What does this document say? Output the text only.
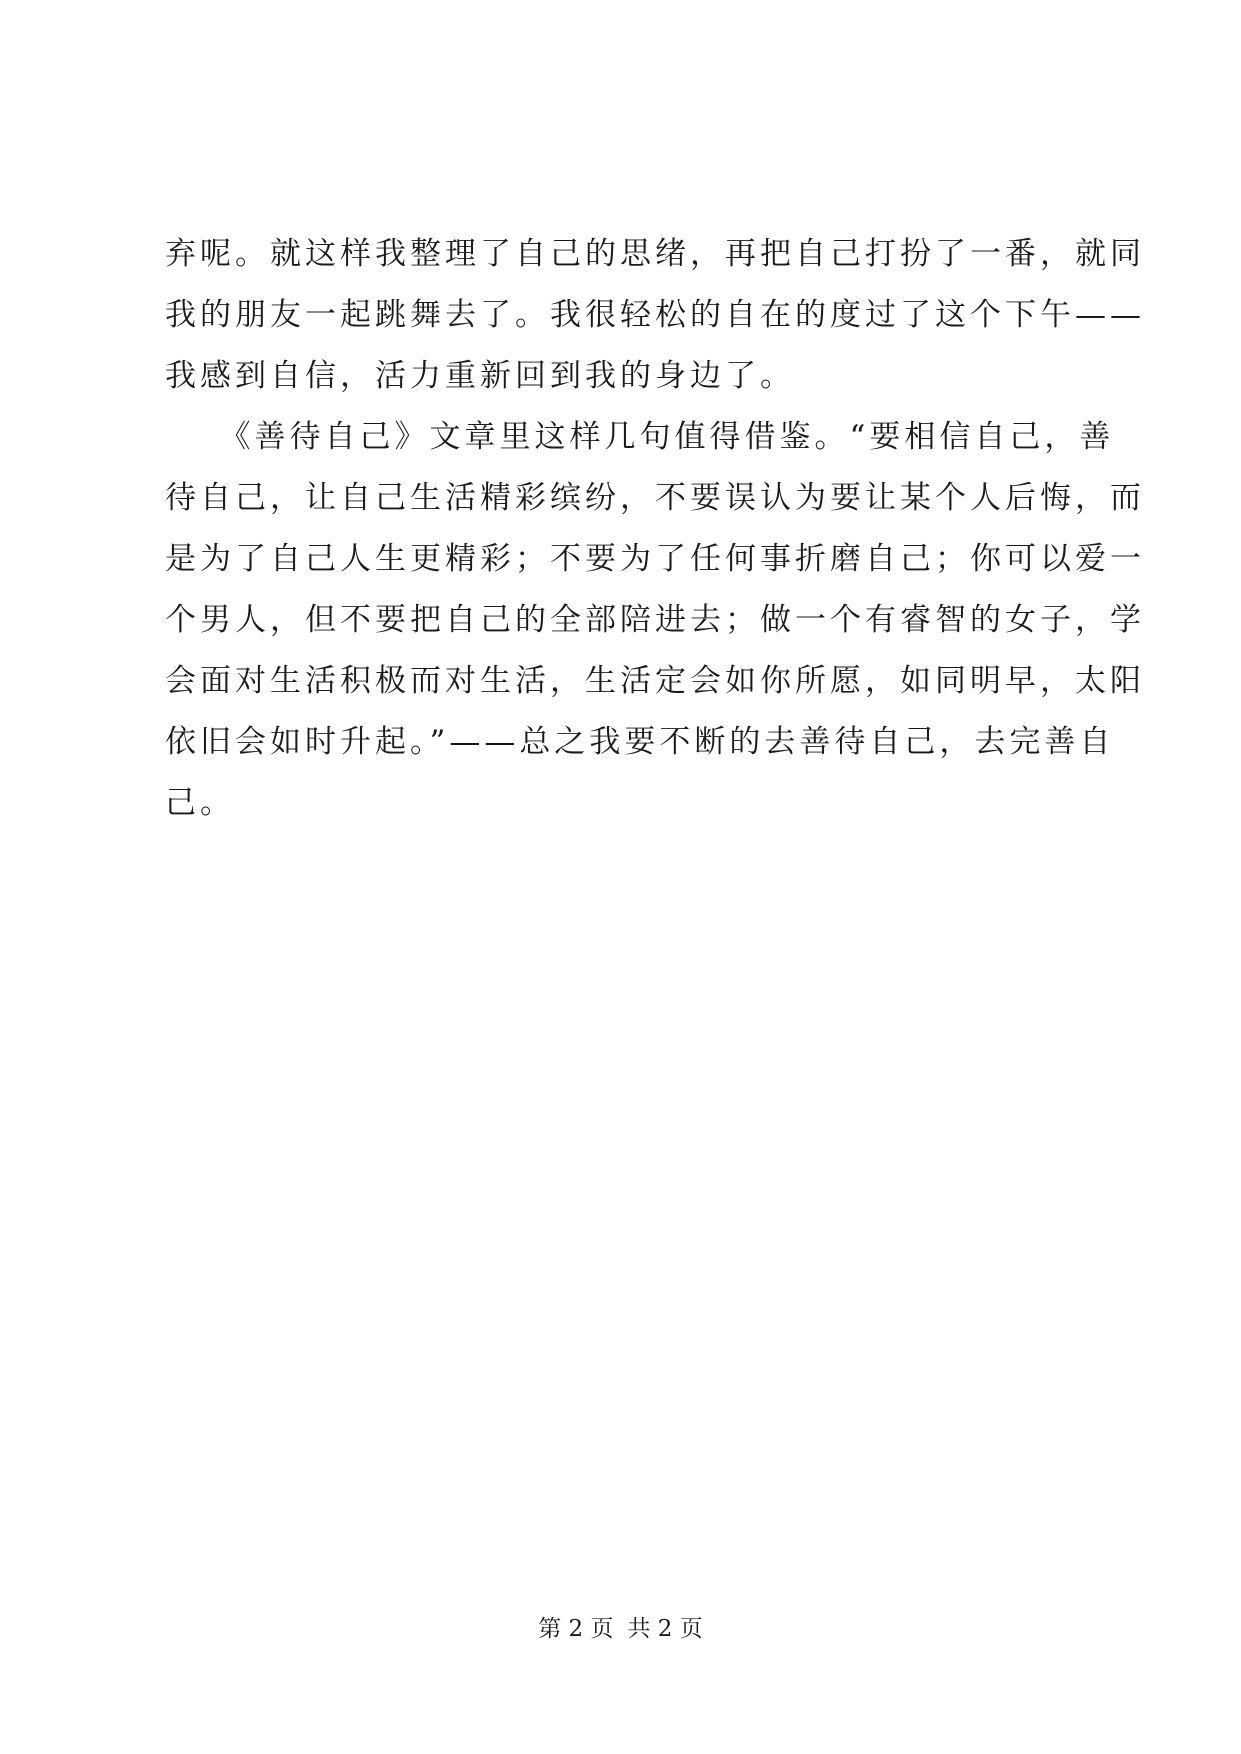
弃呢。就这样我整理了自己的思绪，再把自己打扮了一番，就同
我的朋友一起跳舞去了。我很轻松的自在的度过了这个下午——
我感到自信，活力重新回到我的身边了。
　　《善待自己》文章里这样几句值得借鉴。“要相信自己，善
待自己，让自己生活精彩缤纷，不要误认为要让某个人后悔，而
是为了自己人生更精彩；不要为了任何事折磨自己；你可以爱一
个男人，但不要把自己的全部陪进去；做一个有睿智的女子，学
会面对生活积极而对生活，生活定会如你所愿，如同明早，太阳
依旧会如时升起。”——总之我要不断的去善待自己，去完善自
己。
第 2 页 共 2 页
